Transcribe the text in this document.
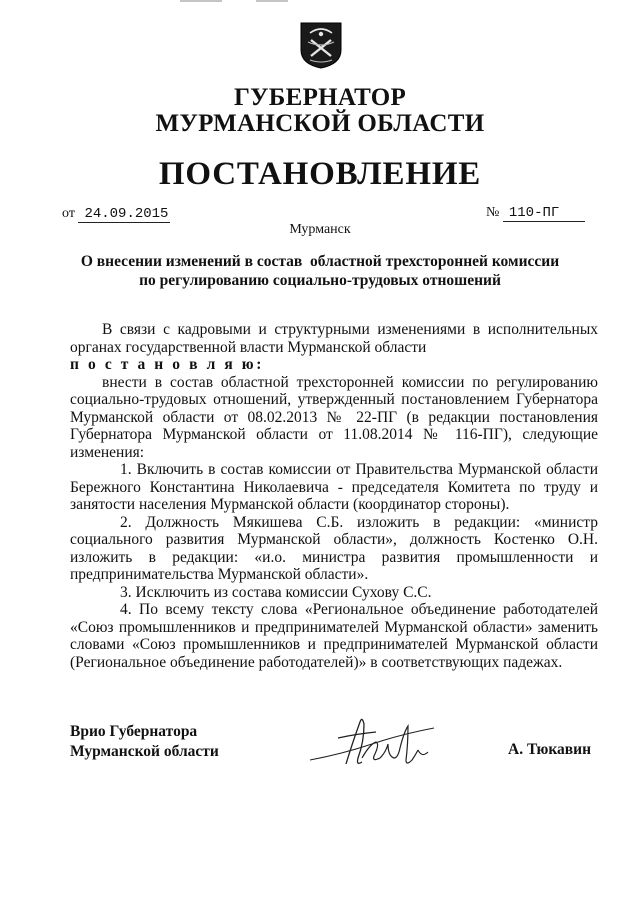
ГУБЕРНАТОР
МУРМАНСКОЙ ОБЛАСТИ
ПОСТАНОВЛЕНИЕ
от 24.09.2015	№ 110-ПГ
Мурманск
О внесении изменений в состав  областной трехсторонней комиссии
по регулированию социально-трудовых отношений

В связи с кадровыми и структурными изменениями в исполнительных органах государственной власти Мурманской области

п о с т а н о в л я ю:

внести в состав областной трехсторонней комиссии по регулированию социально-трудовых отношений, утвержденный постановлением Губернатора Мурманской области от 08.02.2013 № 22-ПГ (в редакции постановления Губернатора Мурманской области от 11.08.2014 № 116-ПГ), следующие изменения:

1. Включить в состав комиссии от Правительства Мурманской области Бережного Константина Николаевича - председателя Комитета по труду и занятости населения Мурманской области (координатор стороны).

2. Должность Мякишева С.Б. изложить в редакции: «министр социального развития Мурманской области», должность Костенко О.Н. изложить в редакции: «и.о. министра развития промышленности и предпринимательства Мурманской области».

3. Исключить из состава комиссии Сухову С.С.

4. По всему тексту слова «Региональное объединение работодателей «Союз промышленников и предпринимателей Мурманской области» заменить словами «Союз промышленников и предпринимателей Мурманской области (Региональное объединение работодателей)» в соответствующих падежах.

Врио Губернатора
Мурманской области	А. Тюкавин
